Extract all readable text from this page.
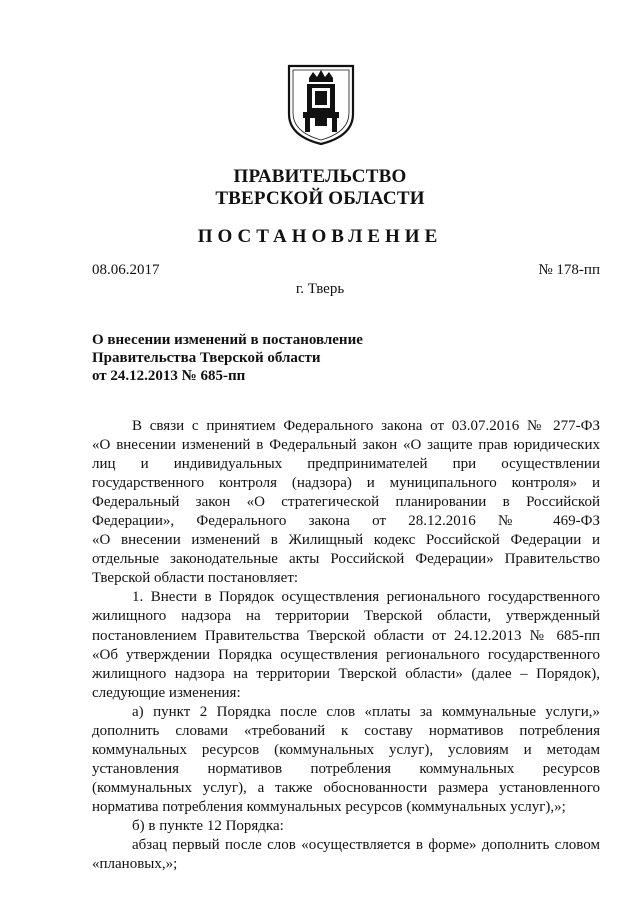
ПРАВИТЕЛЬСТВО
ТВЕРСКОЙ ОБЛАСТИ
ПОСТАНОВЛЕНИЕ
08.06.2017	№ 178-пп
г. Тверь
О внесении изменений в постановление
Правительства Тверской области
от 24.12.2013 № 685-пп

В связи с принятием Федерального закона от 03.07.2016 № 277-ФЗ

«О внесении изменений в Федеральный закон «О защите прав юридических

лиц и индивидуальных предпринимателей при осуществлении

государственного контроля (надзора) и муниципального контроля» и

Федеральный закон «О стратегической планировании в Российской

Федерации», Федерального закона от 28.12.2016 № 469-ФЗ

«О внесении изменений в Жилищный кодекс Российской Федерации и

отдельные законодательные акты Российской Федерации» Правительство

Тверской области постановляет:

1. Внести в Порядок осуществления регионального государственного

жилищного надзора на территории Тверской области, утвержденный

постановлением Правительства Тверской области от 24.12.2013 № 685-пп

«Об утверждении Порядка осуществления регионального государственного

жилищного надзора на территории Тверской области» (далее – Порядок),

следующие изменения:

а) пункт 2 Порядка после слов «платы за коммунальные услуги,»

дополнить словами «требований к составу нормативов потребления

коммунальных ресурсов (коммунальных услуг), условиям и методам

установления нормативов потребления коммунальных ресурсов

(коммунальных услуг), а также обоснованности размера установленного

норматива потребления коммунальных ресурсов (коммунальных услуг),»;

б) в пункте 12 Порядка:

абзац первый после слов «осуществляется в форме» дополнить словом

«плановых,»;
